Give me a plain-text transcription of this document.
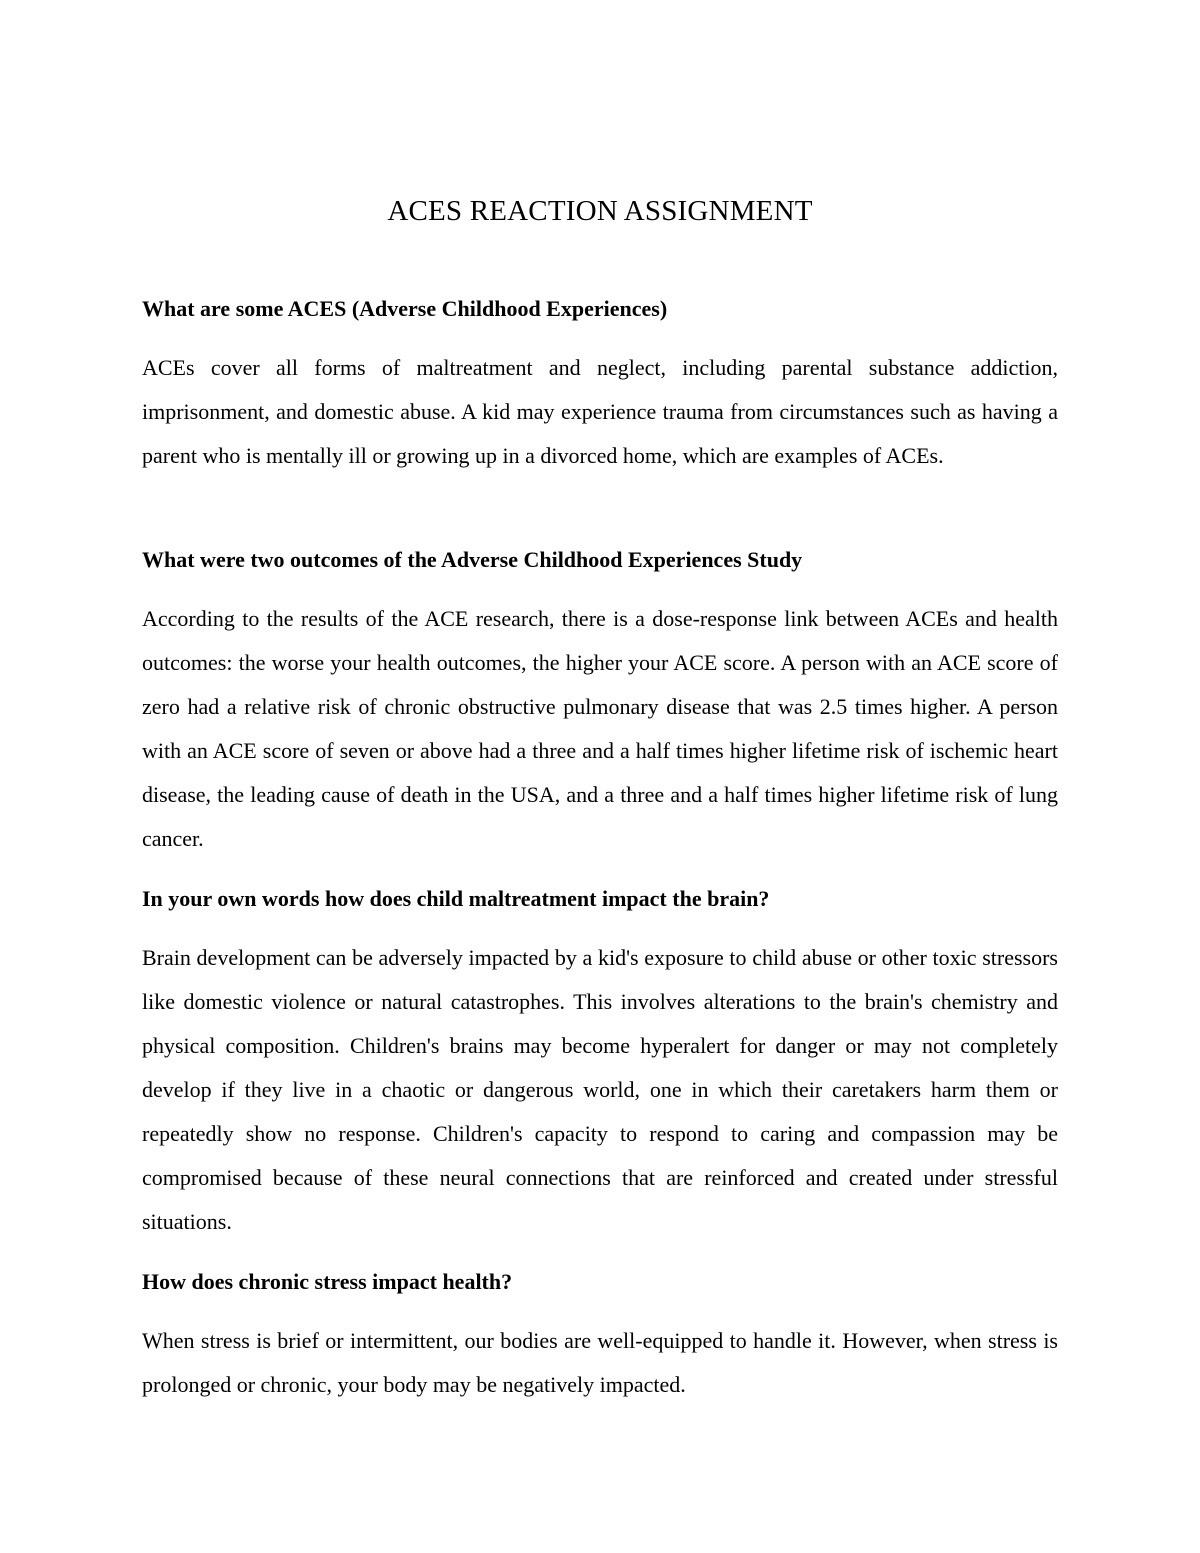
ACES REACTION ASSIGNMENT

What are some ACES (Adverse Childhood Experiences)

ACEs cover all forms of maltreatment and neglect, including parental substance addiction, imprisonment, and domestic abuse. A kid may experience trauma from circumstances such as having a parent who is mentally ill or growing up in a divorced home, which are examples of ACEs.

What were two outcomes of the Adverse Childhood Experiences Study

According to the results of the ACE research, there is a dose-response link between ACEs and health outcomes: the worse your health outcomes, the higher your ACE score. A person with an ACE score of zero had a relative risk of chronic obstructive pulmonary disease that was 2.5 times higher. A person with an ACE score of seven or above had a three and a half times higher lifetime risk of ischemic heart disease, the leading cause of death in the USA, and a three and a half times higher lifetime risk of lung cancer.

In your own words how does child maltreatment impact the brain?

Brain development can be adversely impacted by a kid's exposure to child abuse or other toxic stressors like domestic violence or natural catastrophes. This involves alterations to the brain's chemistry and physical composition. Children's brains may become hyperalert for danger or may not completely develop if they live in a chaotic or dangerous world, one in which their caretakers harm them or repeatedly show no response. Children's capacity to respond to caring and compassion may be compromised because of these neural connections that are reinforced and created under stressful situations.

How does chronic stress impact health?

When stress is brief or intermittent, our bodies are well-equipped to handle it. However, when stress is prolonged or chronic, your body may be negatively impacted.
